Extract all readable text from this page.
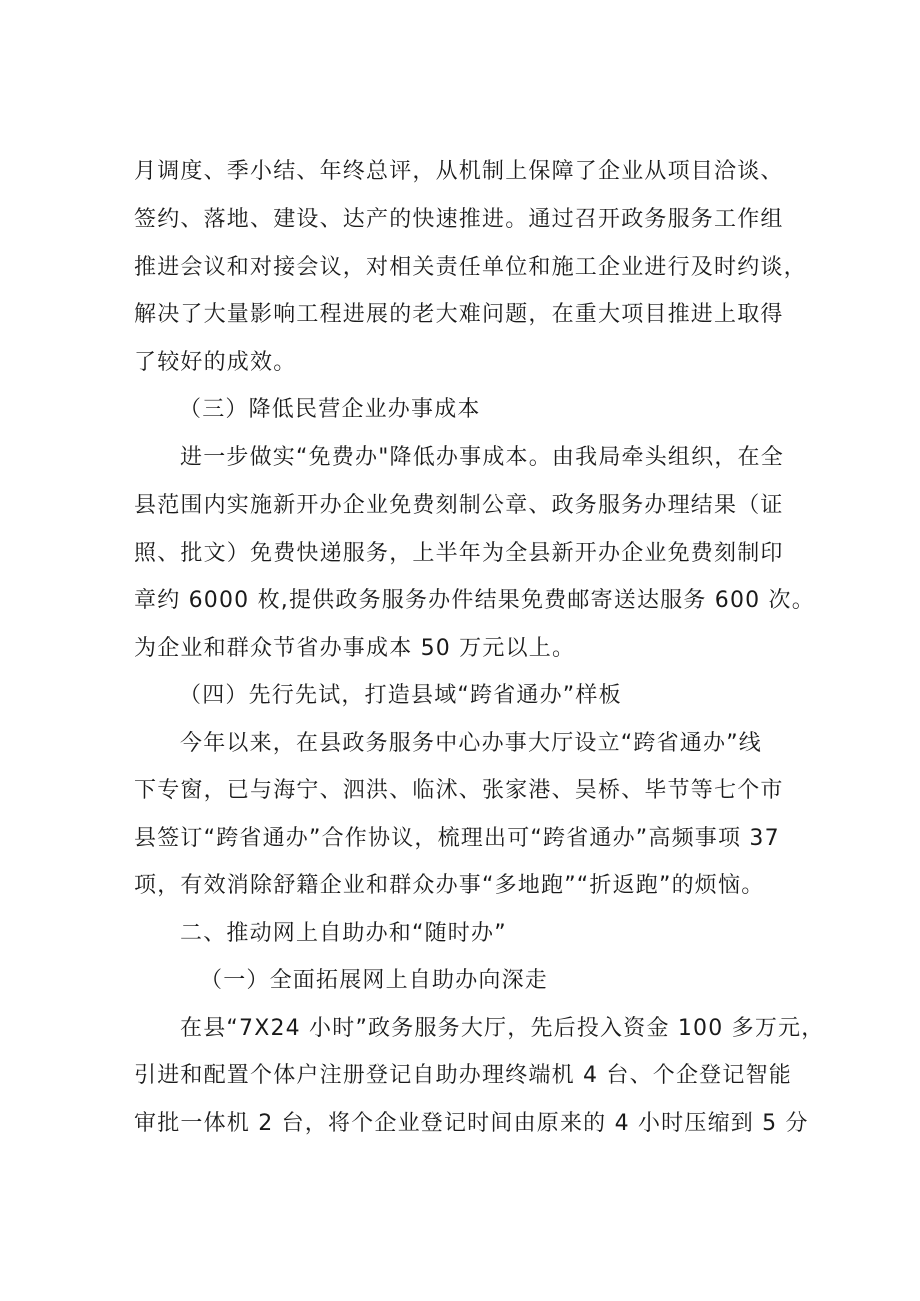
月调度、季小结、年终总评，从机制上保障了企业从项目洽谈、
签约、落地、建设、达产的快速推进。通过召开政务服务工作组
推进会议和对接会议，对相关责任单位和施工企业进行及时约谈，
解决了大量影响工程进展的老大难问题，在重大项目推进上取得
了较好的成效。
（三）降低民营企业办事成本
进一步做实“免费办"降低办事成本。由我局牵头组织，在全
县范围内实施新开办企业免费刻制公章、政务服务办理结果（证
照、批文）免费快递服务，上半年为全县新开办企业免费刻制印
章约 6000 枚,提供政务服务办件结果免费邮寄送达服务 600 次。
为企业和群众节省办事成本 50 万元以上。
（四）先行先试，打造县域“跨省通办”样板
今年以来，在县政务服务中心办事大厅设立“跨省通办”线
下专窗，已与海宁、泗洪、临沭、张家港、吴桥、毕节等七个市
县签订“跨省通办”合作协议，梳理出可“跨省通办”高频事项 37
项，有效消除舒籍企业和群众办事“多地跑”“折返跑”的烦恼。
二、推动网上自助办和“随时办”
（一）全面拓展网上自助办向深走
在县“7X24 小时”政务服务大厅，先后投入资金 100 多万元，
引进和配置个体户注册登记自助办理终端机 4 台、个企登记智能
审批一体机 2 台，将个企业登记时间由原来的 4 小时压缩到 5 分
